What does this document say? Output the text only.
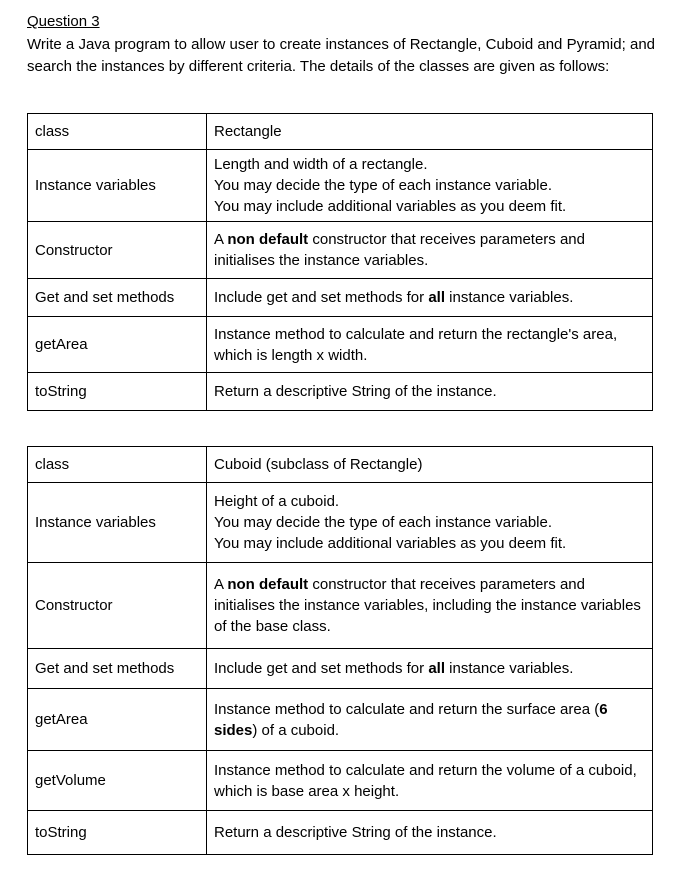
Question 3
Write a Java program to allow user to create instances of Rectangle, Cuboid and Pyramid; and search the instances by different criteria. The details of the classes are given as follows:
class	Rectangle
Instance variables	Length and width of a rectangle.
You may decide the type of each instance variable.
You may include additional variables as you deem fit.

Constructor	A non default constructor that receives parameters and initialises the instance variables.
Get and set methods	Include get and set methods for all instance variables.
getArea	Instance method to calculate and return the rectangle's area, which is length x width.
toString	Return a descriptive String of the instance.
class	Cuboid (subclass of Rectangle)
Instance variables	Height of a cuboid.
You may decide the type of each instance variable.
You may include additional variables as you deem fit.

Constructor	A non default constructor that receives parameters and initialises the instance variables, including the instance variables of the base class.
Get and set methods	Include get and set methods for all instance variables.
getArea	Instance method to calculate and return the surface area (6 sides) of a cuboid.
getVolume	Instance method to calculate and return the volume of a cuboid, which is base area x height.
toString	Return a descriptive String of the instance.
